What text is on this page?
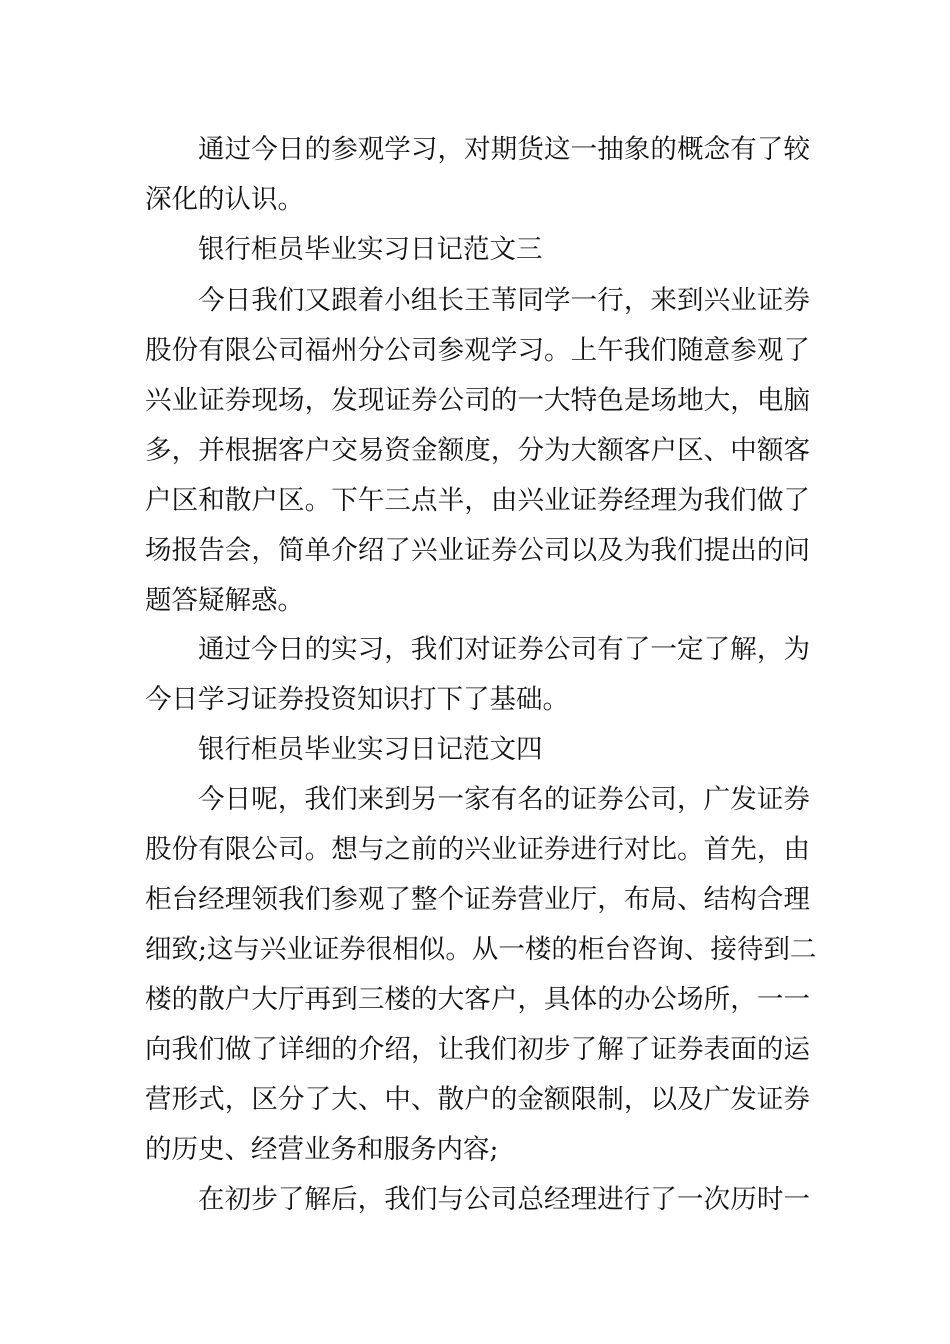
通过今日的参观学习，对期货这一抽象的概念有了较
深化的认识。
银行柜员毕业实习日记范文三
今日我们又跟着小组长王苇同学一行，来到兴业证券
股份有限公司福州分公司参观学习。上午我们随意参观了
兴业证券现场，发现证券公司的一大特色是场地大，电脑
多，并根据客户交易资金额度，分为大额客户区、中额客
户区和散户区。下午三点半，由兴业证券经理为我们做了
场报告会，简单介绍了兴业证券公司以及为我们提出的问
题答疑解惑。
通过今日的实习，我们对证券公司有了一定了解，为
今日学习证券投资知识打下了基础。
银行柜员毕业实习日记范文四
今日呢，我们来到另一家有名的证券公司，广发证券
股份有限公司。想与之前的兴业证券进行对比。首先，由
柜台经理领我们参观了整个证券营业厅，布局、结构合理
细致;这与兴业证券很相似。从一楼的柜台咨询、接待到二
楼的散户大厅再到三楼的大客户，具体的办公场所，一一
向我们做了详细的介绍，让我们初步了解了证券表面的运
营形式，区分了大、中、散户的金额限制，以及广发证券
的历史、经营业务和服务内容;
在初步了解后，我们与公司总经理进行了一次历时一
